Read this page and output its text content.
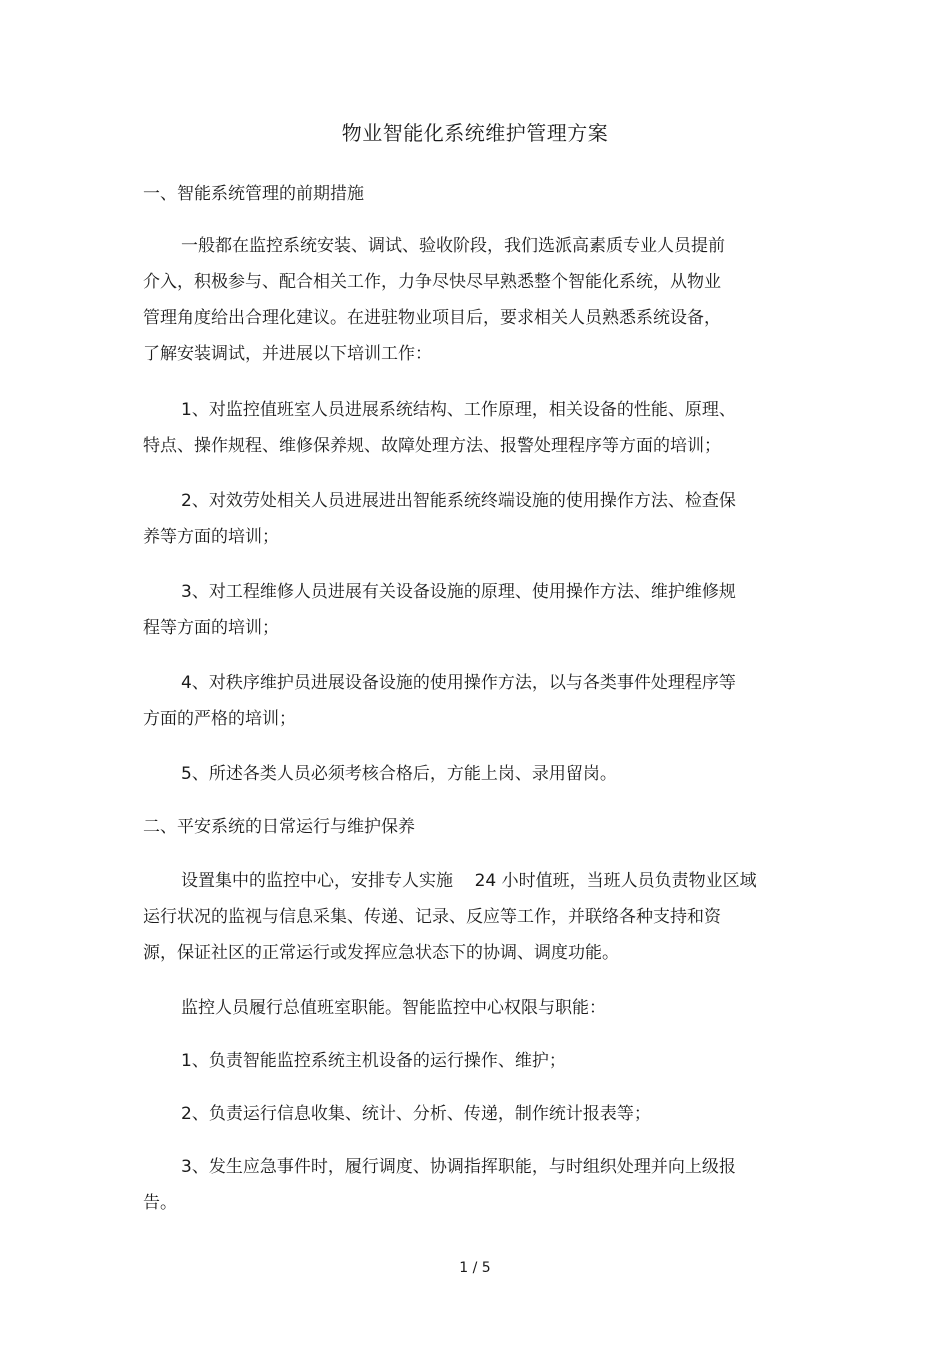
物业智能化系统维护管理方案
一、智能系统管理的前期措施
一般都在监控系统安装、调试、验收阶段，我们选派高素质专业人员提前
介入，积极参与、配合相关工作，力争尽快尽早熟悉整个智能化系统，从物业
管理角度给出合理化建议。在进驻物业项目后，要求相关人员熟悉系统设备，
了解安装调试，并进展以下培训工作：
1、对监控值班室人员进展系统结构、工作原理，相关设备的性能、原理、
特点、操作规程、维修保养规、故障处理方法、报警处理程序等方面的培训；
2、对效劳处相关人员进展进出智能系统终端设施的使用操作方法、检查保
养等方面的培训；
3、对工程维修人员进展有关设备设施的原理、使用操作方法、维护维修规
程等方面的培训；
4、对秩序维护员进展设备设施的使用操作方法，以与各类事件处理程序等
方面的严格的培训；
5、所述各类人员必须考核合格后，方能上岗、录用留岗。
二、平安系统的日常运行与维护保养
设置集中的监控中心，安排专人实施    24 小时值班，当班人员负责物业区域
运行状况的监视与信息采集、传递、记录、反应等工作，并联络各种支持和资
源，保证社区的正常运行或发挥应急状态下的协调、调度功能。
监控人员履行总值班室职能。智能监控中心权限与职能：
1、负责智能监控系统主机设备的运行操作、维护；
2、负责运行信息收集、统计、分析、传递，制作统计报表等；
3、发生应急事件时，履行调度、协调指挥职能，与时组织处理并向上级报
告。
1 / 5
